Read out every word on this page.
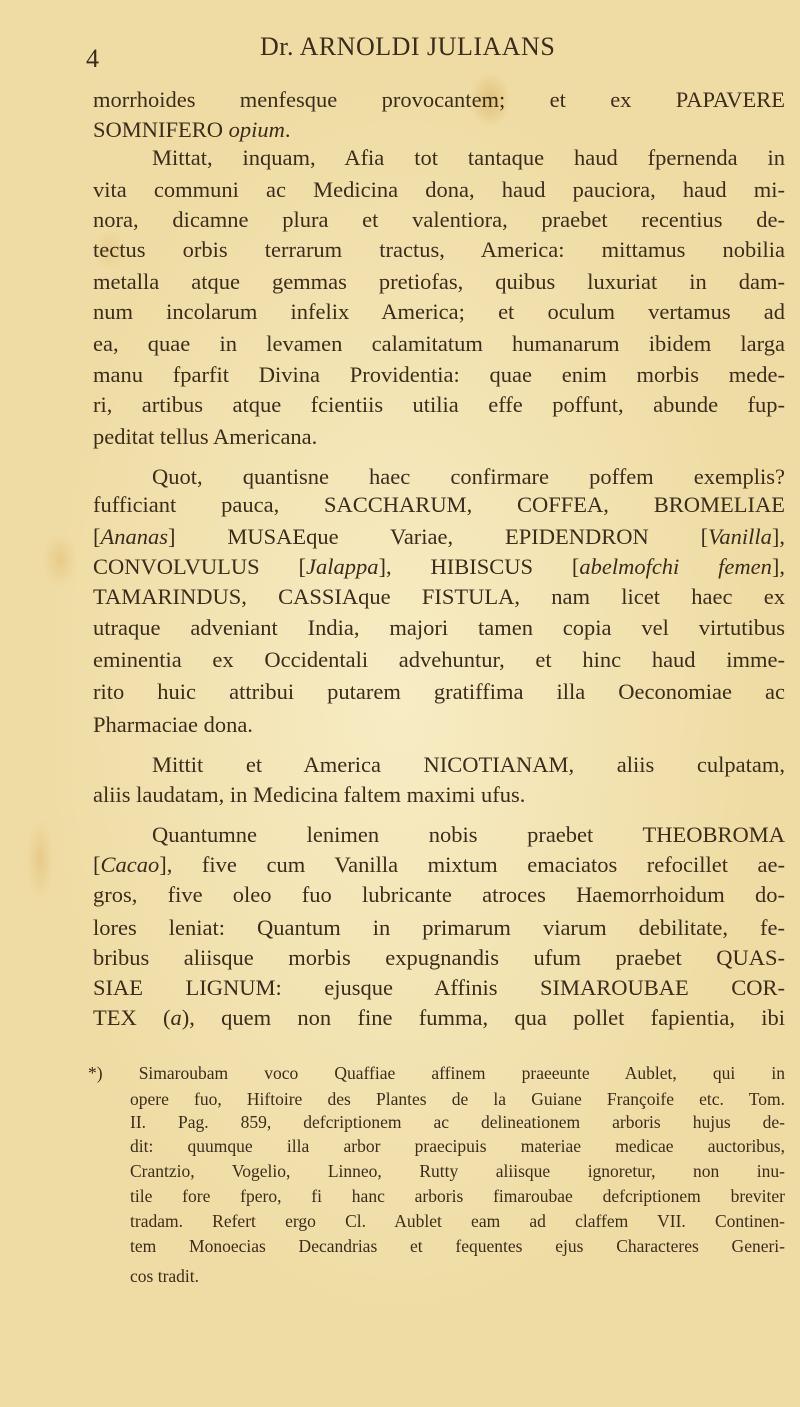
4	Dr. ARNOLDI JULIAANS
morrhoides menfesque provocantem; et ex PAPAVERE
SOMNIFERO opium.
Mittat, inquam, Afia tot tantaque haud fpernenda in
vita communi ac Medicina dona, haud pauciora, haud mi-
nora, dicamne plura et valentiora, praebet recentius de-
tectus orbis terrarum tractus, America: mittamus nobilia
metalla atque gemmas pretiofas, quibus luxuriat in dam-
num incolarum infelix America; et oculum vertamus ad
ea, quae in levamen calamitatum humanarum ibidem larga
manu fparfit Divina Providentia: quae enim morbis mede-
ri, artibus atque fcientiis utilia effe poffunt, abunde fup-
peditat tellus Americana.
Quot, quantisne haec confirmare poffem exemplis?
fufficiant pauca, SACCHARUM, COFFEA, BROMELIAE
[Ananas] MUSAEque Variae, EPIDENDRON [Vanilla],
CONVOLVULUS [Jalappa], HIBISCUS [abelmofchi femen],
TAMARINDUS, CASSIAque FISTULA, nam licet haec ex
utraque adveniant India, majori tamen copia vel virtutibus
eminentia ex Occidentali advehuntur, et hinc haud imme-
rito huic attribui putarem gratiffima illa Oeconomiae ac
Pharmaciae dona.
Mittit et America NICOTIANAM, aliis culpatam,
aliis laudatam, in Medicina faltem maximi ufus.
Quantumne lenimen nobis praebet THEOBROMA
[Cacao], five cum Vanilla mixtum emaciatos refocillet ae-
gros, five oleo fuo lubricante atroces Haemorrhoidum do-
lores leniat: Quantum in primarum viarum debilitate, fe-
bribus aliisque morbis expugnandis ufum praebet QUAS-
SIAE LIGNUM: ejusque Affinis SIMAROUBAE COR-
TEX (a), quem non fine fumma, qua pollet fapientia, ibi
*) Simaroubam voco Quaffiae affinem praeeunte Aublet, qui in
opere fuo, Hiftoire des Plantes de la Guiane Françoife etc. Tom.
II. Pag. 859, defcriptionem ac delineationem arboris hujus de-
dit: quumque illa arbor praecipuis materiae medicae auctoribus,
Crantzio, Vogelio, Linneo, Rutty aliisque ignoretur, non inu-
tile fore fpero, fi hanc arboris fimaroubae defcriptionem breviter
tradam. Refert ergo Cl. Aublet eam ad claffem VII. Continen-
tem Monoecias Decandrias et fequentes ejus Characteres Generi-
cos tradit.
